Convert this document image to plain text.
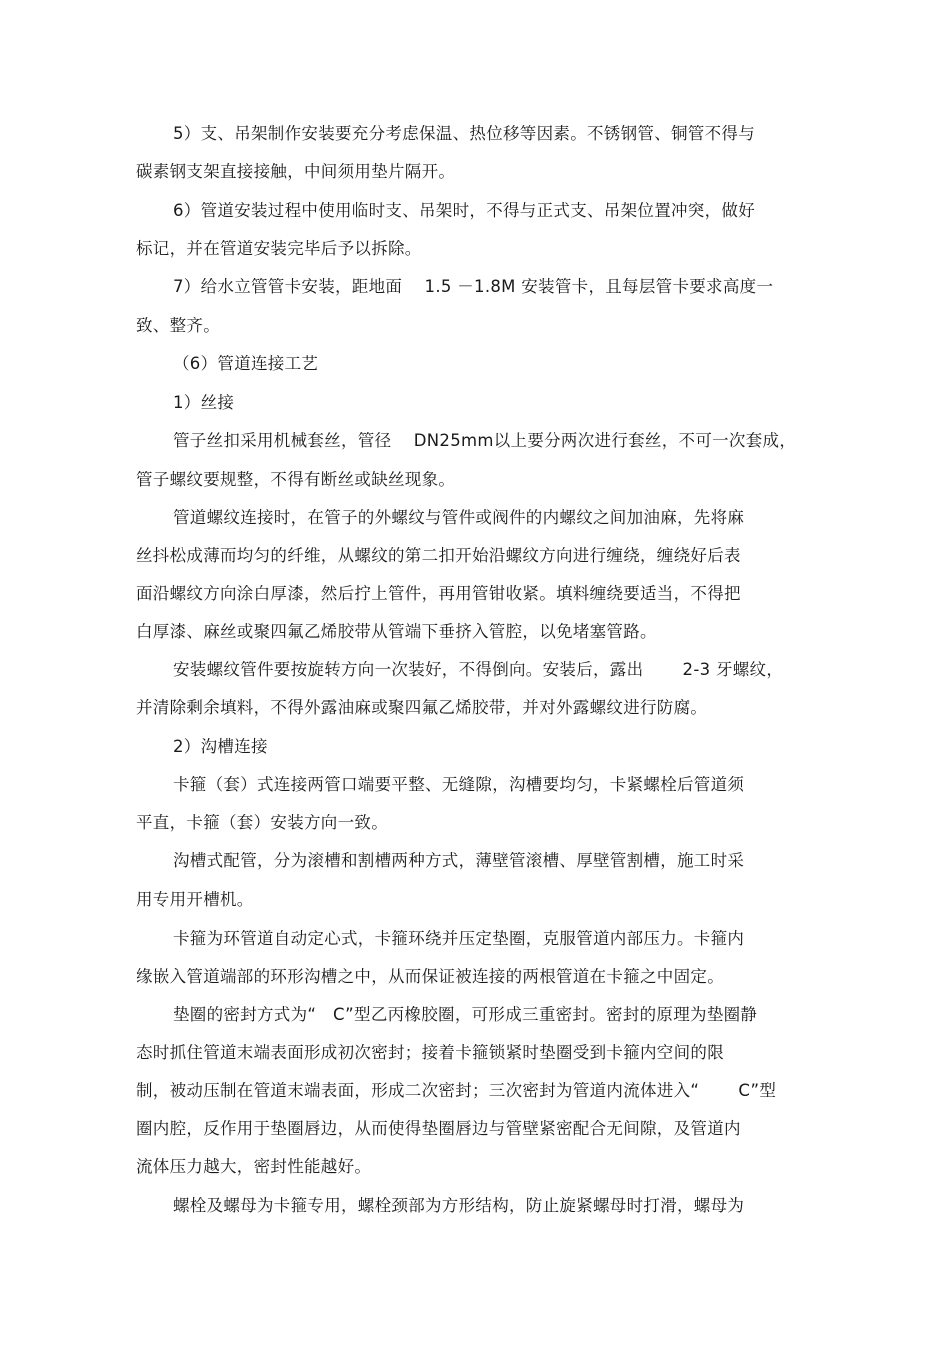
5）支、吊架制作安装要充分考虑保温、热位移等因素。不锈钢管、铜管不得与
碳素钢支架直接接触，中间须用垫片隔开。
6）管道安装过程中使用临时支、吊架时，不得与正式支、吊架位置冲突，做好
标记，并在管道安装完毕后予以拆除。
7）给水立管管卡安装，距地面　 1.5 －1.8M 安装管卡，且每层管卡要求高度一
致、整齐。
（6）管道连接工艺
1）丝接
管子丝扣采用机械套丝，管径　 DN25mm以上要分两次进行套丝，不可一次套成，
管子螺纹要规整，不得有断丝或缺丝现象。
管道螺纹连接时，在管子的外螺纹与管件或阀件的内螺纹之间加油麻，先将麻
丝抖松成薄而均匀的纤维，从螺纹的第二扣开始沿螺纹方向进行缠绕，缠绕好后表
面沿螺纹方向涂白厚漆，然后拧上管件，再用管钳收紧。填料缠绕要适当，不得把
白厚漆、麻丝或聚四氟乙烯胶带从管端下垂挤入管腔，以免堵塞管路。
安装螺纹管件要按旋转方向一次装好，不得倒向。安装后，露出　　 2-3 牙螺纹，
并清除剩余填料，不得外露油麻或聚四氟乙烯胶带，并对外露螺纹进行防腐。
2）沟槽连接
卡箍（套）式连接两管口端要平整、无缝隙，沟槽要均匀，卡紧螺栓后管道须
平直，卡箍（套）安装方向一致。
沟槽式配管，分为滚槽和割槽两种方式，薄壁管滚槽、厚壁管割槽，施工时采
用专用开槽机。
卡箍为环管道自动定心式，卡箍环绕并压定垫圈，克服管道内部压力。卡箍内
缘嵌入管道端部的环形沟槽之中，从而保证被连接的两根管道在卡箍之中固定。
垫圈的密封方式为“　C”型乙丙橡胶圈，可形成三重密封。密封的原理为垫圈静
态时抓住管道末端表面形成初次密封；接着卡箍锁紧时垫圈受到卡箍内空间的限
制，被动压制在管道末端表面，形成二次密封；三次密封为管道内流体进入“　　 C”型
圈内腔，反作用于垫圈唇边，从而使得垫圈唇边与管壁紧密配合无间隙，及管道内
流体压力越大，密封性能越好。
螺栓及螺母为卡箍专用，螺栓颈部为方形结构，防止旋紧螺母时打滑，螺母为
